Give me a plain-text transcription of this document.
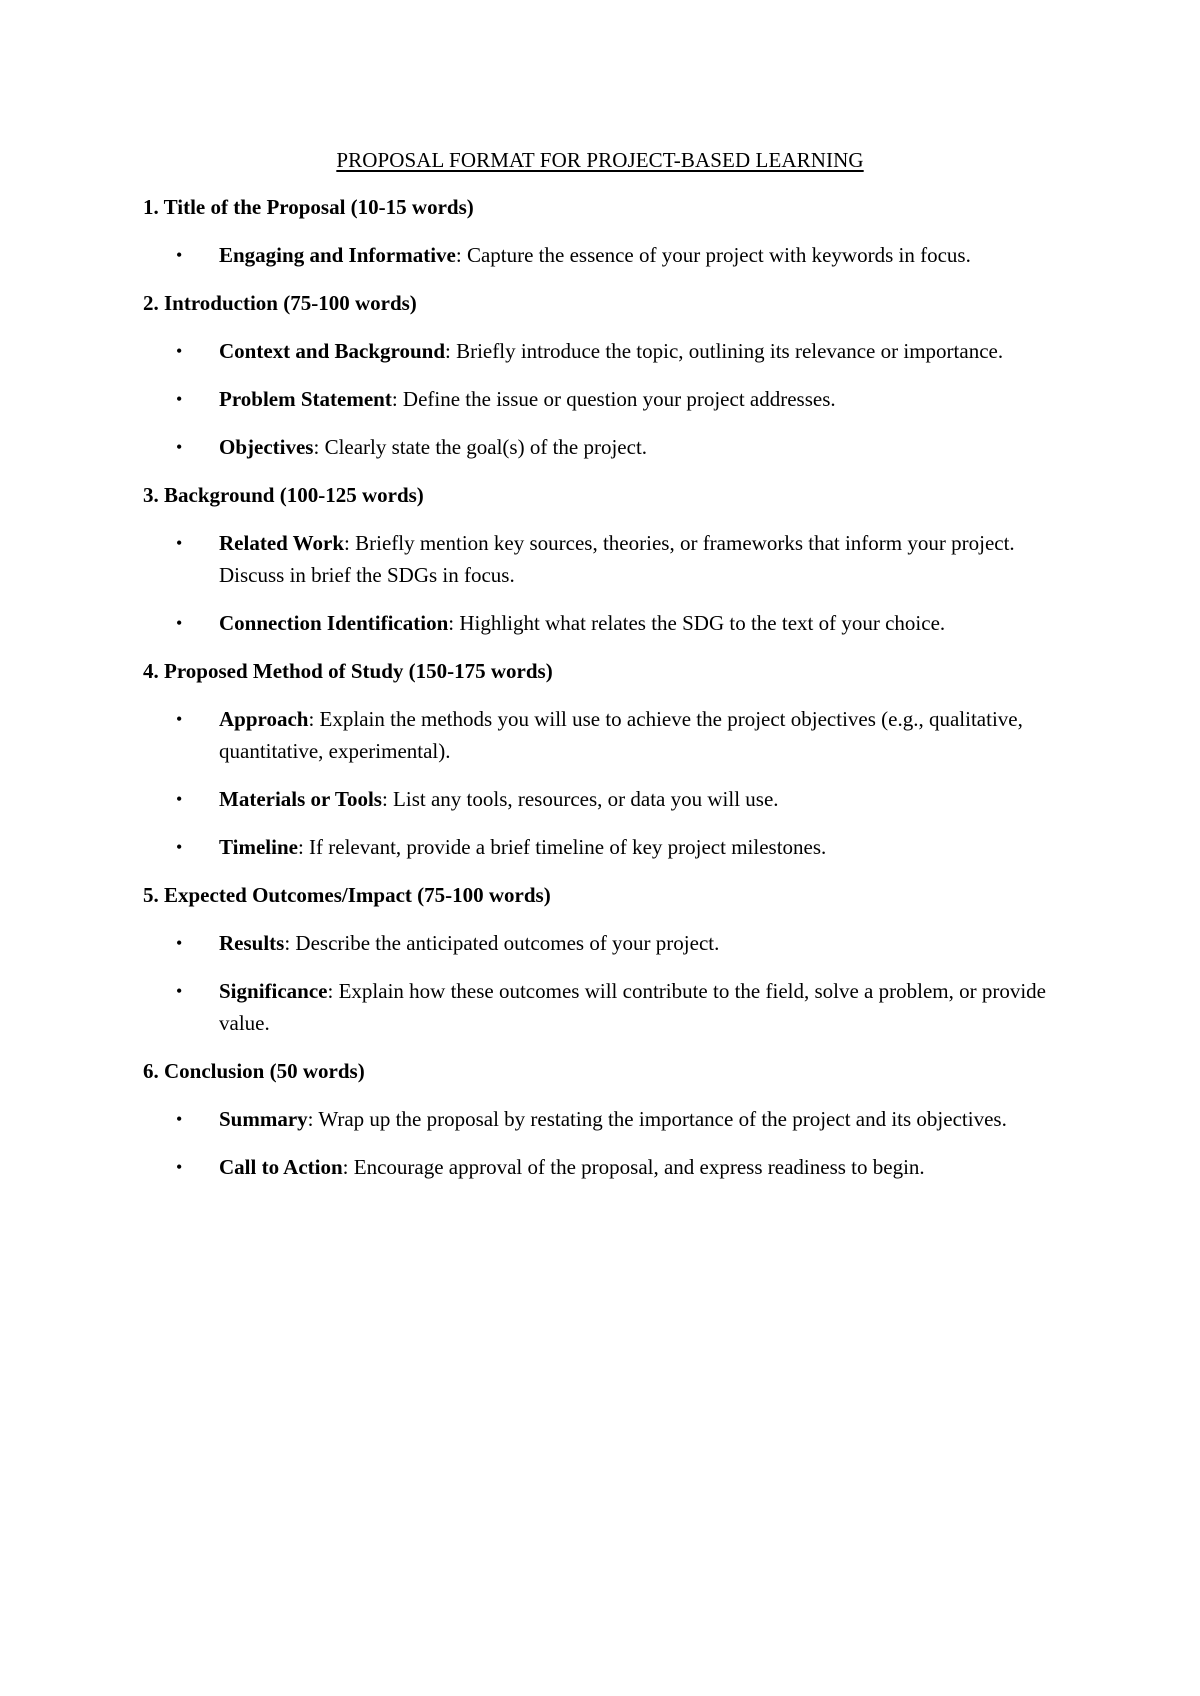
PROPOSAL FORMAT FOR PROJECT-BASED LEARNING
1. Title of the Proposal (10-15 words)
• Engaging and Informative: Capture the essence of your project with keywords in focus.
2. Introduction (75-100 words)
• Context and Background: Briefly introduce the topic, outlining its relevance or importance.
• Problem Statement: Define the issue or question your project addresses.
• Objectives: Clearly state the goal(s) of the project.
3. Background (100-125 words)
• Related Work: Briefly mention key sources, theories, or frameworks that inform your project. Discuss in brief the SDGs in focus.
• Connection Identification: Highlight what relates the SDG to the text of your choice.
4. Proposed Method of Study (150-175 words)
• Approach: Explain the methods you will use to achieve the project objectives (e.g., qualitative, quantitative, experimental).
• Materials or Tools: List any tools, resources, or data you will use.
• Timeline: If relevant, provide a brief timeline of key project milestones.
5. Expected Outcomes/Impact (75-100 words)
• Results: Describe the anticipated outcomes of your project.
• Significance: Explain how these outcomes will contribute to the field, solve a problem, or provide value.
6. Conclusion (50 words)
• Summary: Wrap up the proposal by restating the importance of the project and its objectives.
• Call to Action: Encourage approval of the proposal, and express readiness to begin.
